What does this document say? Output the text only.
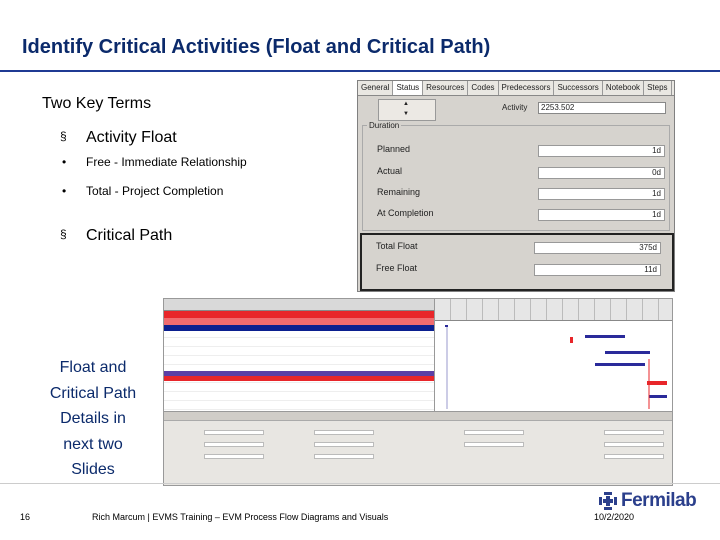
Identify Critical Activities (Float and Critical Path)
Two Key Terms
§ Activity Float
• Free - Immediate Relationship
• Total - Project Completion
§ Critical Path
General Status Resources Codes Predecessors Successors Notebook Steps
▲
▼
Activity	2253.502
Duration
Planned	1d
Actual	0d
Remaining	1d
At Completion	1d
Total Float	375d
Free Float	11d
Float and
Critical Path
Details in
next two
Slides
16	Rich Marcum | EVMS Training – EVM Process Flow Diagrams and Visuals	10/2/2020
Fermilab
